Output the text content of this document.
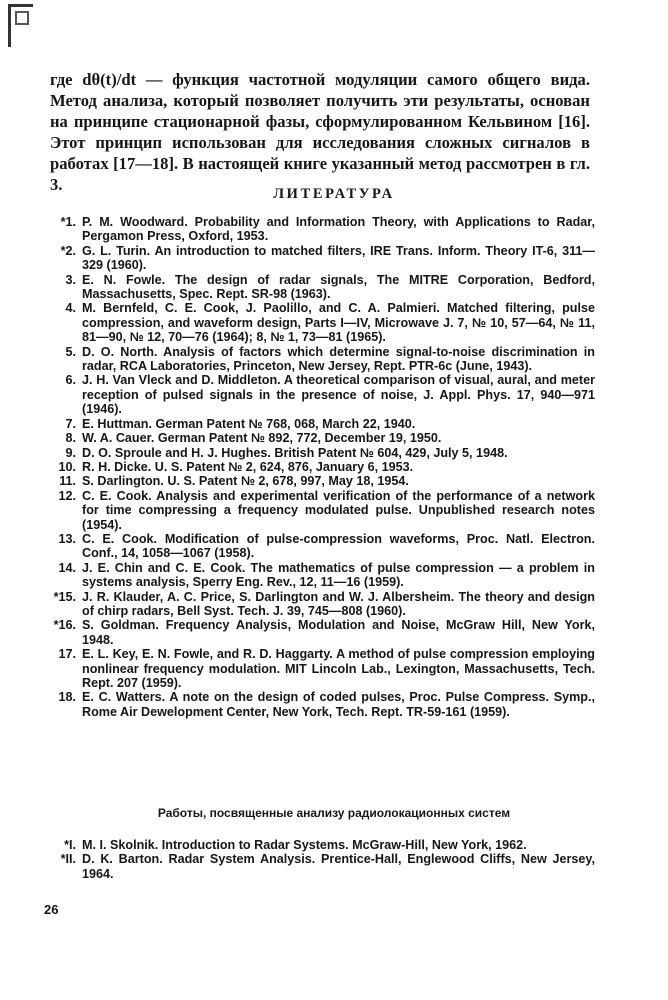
где dθ(t)/dt — функция частотной модуляции самого общего вида. Метод анализа, который позволяет получить эти результаты, основан на принципе стационарной фазы, сформулированном Кельвином [16]. Этот принцип использован для исследования сложных сигналов в работах [17—18]. В настоящей книге указанный метод рассмотрен в гл. 3.

ЛИТЕРАТУРА
*1. P. M. Woodward. Probability and Information Theory, with Applications to Radar, Pergamon Press, Oxford, 1953.
*2. G. L. Turin. An introduction to matched filters, IRE Trans. Inform. Theory IT-6, 311—329 (1960).
3. E. N. Fowle. The design of radar signals, The MITRE Corporation, Bedford, Massachusetts, Spec. Rept. SR-98 (1963).
4. M. Bernfeld, C. E. Cook, J. Paolillo, and C. A. Palmieri. Matched filtering, pulse compression, and waveform design, Parts I—IV, Microwave J. 7, № 10, 57—64, № 11, 81—90, № 12, 70—76 (1964); 8, № 1, 73—81 (1965).
5. D. O. North. Analysis of factors which determine signal-to-noise discrimination in radar, RCA Laboratories, Princeton, New Jersey, Rept. PTR-6c (June, 1943).
6. J. H. Van Vleck and D. Middleton. A theoretical comparison of visual, aural, and meter reception of pulsed signals in the presence of noise, J. Appl. Phys. 17, 940—971 (1946).
7. E. Huttman. German Patent № 768, 068, March 22, 1940.
8. W. A. Cauer. German Patent № 892, 772, December 19, 1950.
9. D. O. Sproule and H. J. Hughes. British Patent № 604, 429, July 5, 1948.
10. R. H. Dicke. U. S. Patent № 2, 624, 876, January 6, 1953.
11. S. Darlington. U. S. Patent № 2, 678, 997, May 18, 1954.
12. C. E. Cook. Analysis and experimental verification of the performance of a network for time compressing a frequency modulated pulse. Unpublished research notes (1954).
13. C. E. Cook. Modification of pulse-compression waveforms, Proc. Natl. Electron. Conf., 14, 1058—1067 (1958).
14. J. E. Chin and C. E. Cook. The mathematics of pulse compression — a problem in systems analysis, Sperry Eng. Rev., 12, 11—16 (1959).
*15. J. R. Klauder, A. C. Price, S. Darlington and W. J. Albersheim. The theory and design of chirp radars, Bell Syst. Tech. J. 39, 745—808 (1960).
*16. S. Goldman. Frequency Analysis, Modulation and Noise, McGraw Hill, New York, 1948.
17. E. L. Key, E. N. Fowle, and R. D. Haggarty. A method of pulse compression employing nonlinear frequency modulation. MIT Lincoln Lab., Lexington, Massachusetts, Tech. Rept. 207 (1959).
18. E. C. Watters. A note on the design of coded pulses, Proc. Pulse Compress. Symp., Rome Air Dewelopment Center, New York, Tech. Rept. TR-59-161 (1959).
Работы, посвященные анализу радиолокационных систем
*I. M. I. Skolnik. Introduction to Radar Systems. McGraw-Hill, New York, 1962.
*II. D. K. Barton. Radar System Analysis. Prentice-Hall, Englewood Cliffs, New Jersey, 1964.
26
